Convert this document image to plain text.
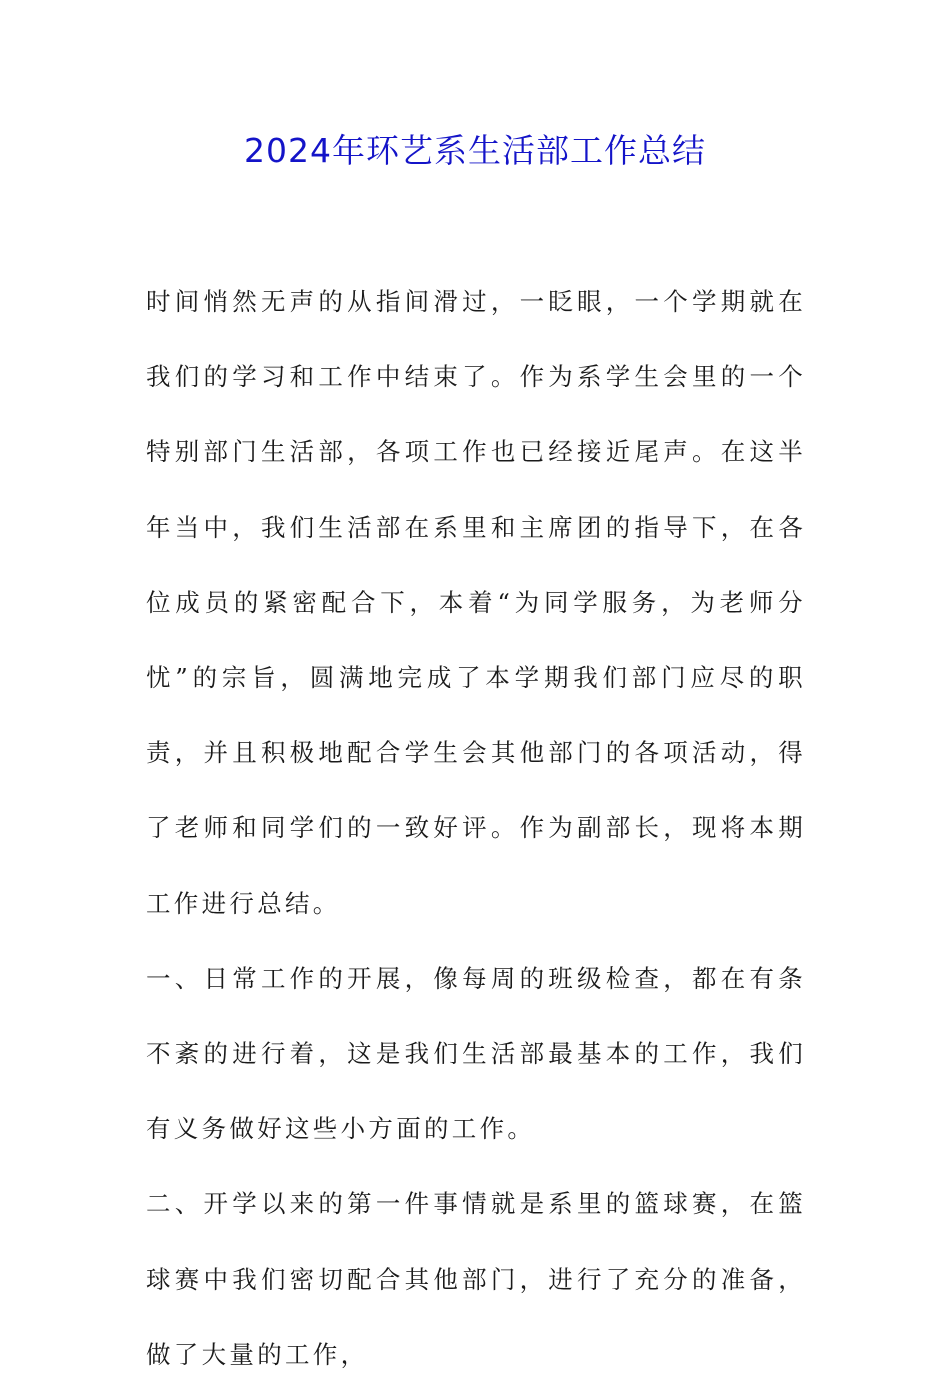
2024年环艺系生活部工作总结

时间悄然无声的从指间滑过，一眨眼，一个学期就在我们的学习和工作中结束了。作为系学生会里的一个特别部门生活部，各项工作也已经接近尾声。在这半年当中，我们生活部在系里和主席团的指导下，在各位成员的紧密配合下，本着“为同学服务，为老师分忧”的宗旨，圆满地完成了本学期我们部门应尽的职责，并且积极地配合学生会其他部门的各项活动，得了老师和同学们的一致好评。作为副部长，现将本期工作进行总结。

一、日常工作的开展，像每周的班级检查，都在有条不紊的进行着，这是我们生活部最基本的工作，我们有义务做好这些小方面的工作。

二、开学以来的第一件事情就是系里的篮球赛，在篮球赛中我们密切配合其他部门，进行了充分的准备，做了大量的工作，
